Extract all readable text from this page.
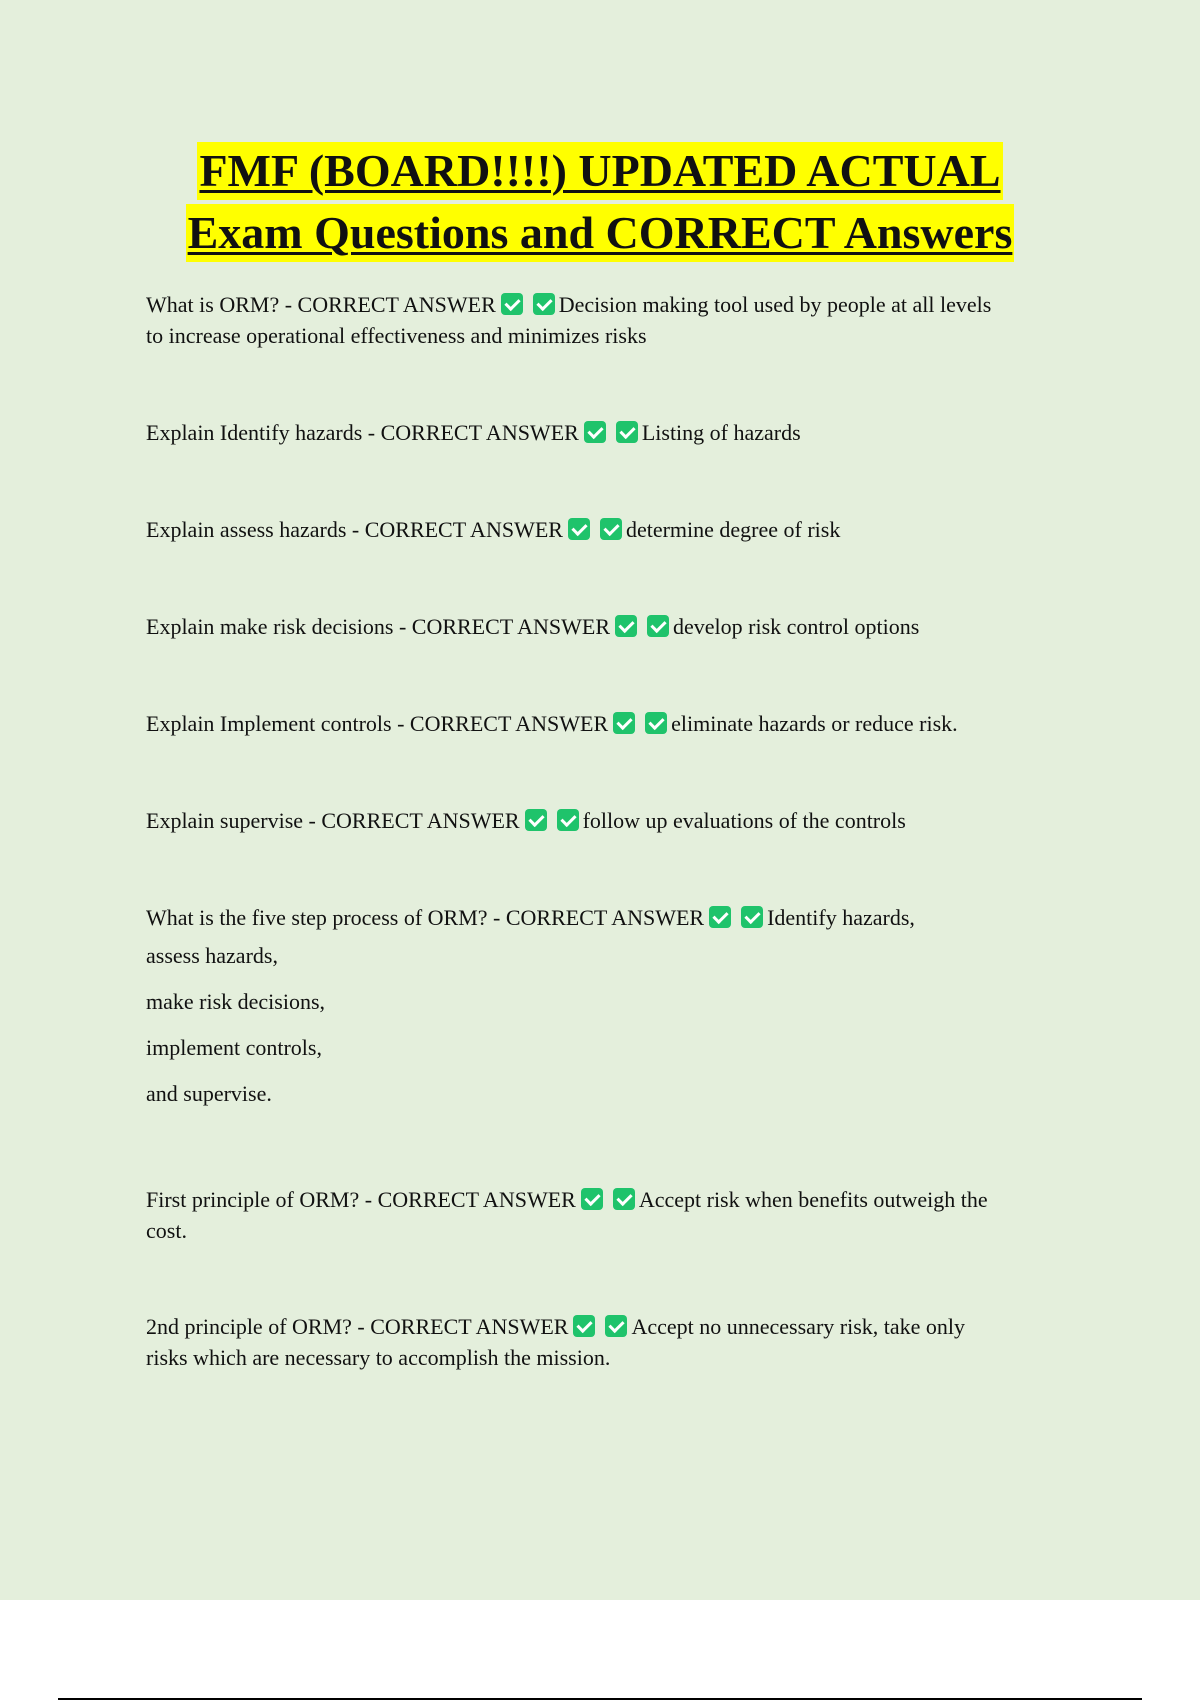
FMF (BOARD!!!!) UPDATED ACTUAL
Exam Questions and CORRECT Answers
What is ORM? - CORRECT ANSWER	Decision making tool used by people at all levels
to increase operational effectiveness and minimizes risks
Explain Identify hazards - CORRECT ANSWER	Listing of hazards
Explain assess hazards - CORRECT ANSWER	determine degree of risk
Explain make risk decisions - CORRECT ANSWER	develop risk control options
Explain Implement controls - CORRECT ANSWER	eliminate hazards or reduce risk.
Explain supervise - CORRECT ANSWER	follow up evaluations of the controls
What is the five step process of ORM? - CORRECT ANSWER	Identify hazards,
assess hazards,
make risk decisions,
implement controls,
and supervise.
First principle of ORM? - CORRECT ANSWER	Accept risk when benefits outweigh the
cost.
2nd principle of ORM? - CORRECT ANSWER	Accept no unnecessary risk, take only
risks which are necessary to accomplish the mission.
